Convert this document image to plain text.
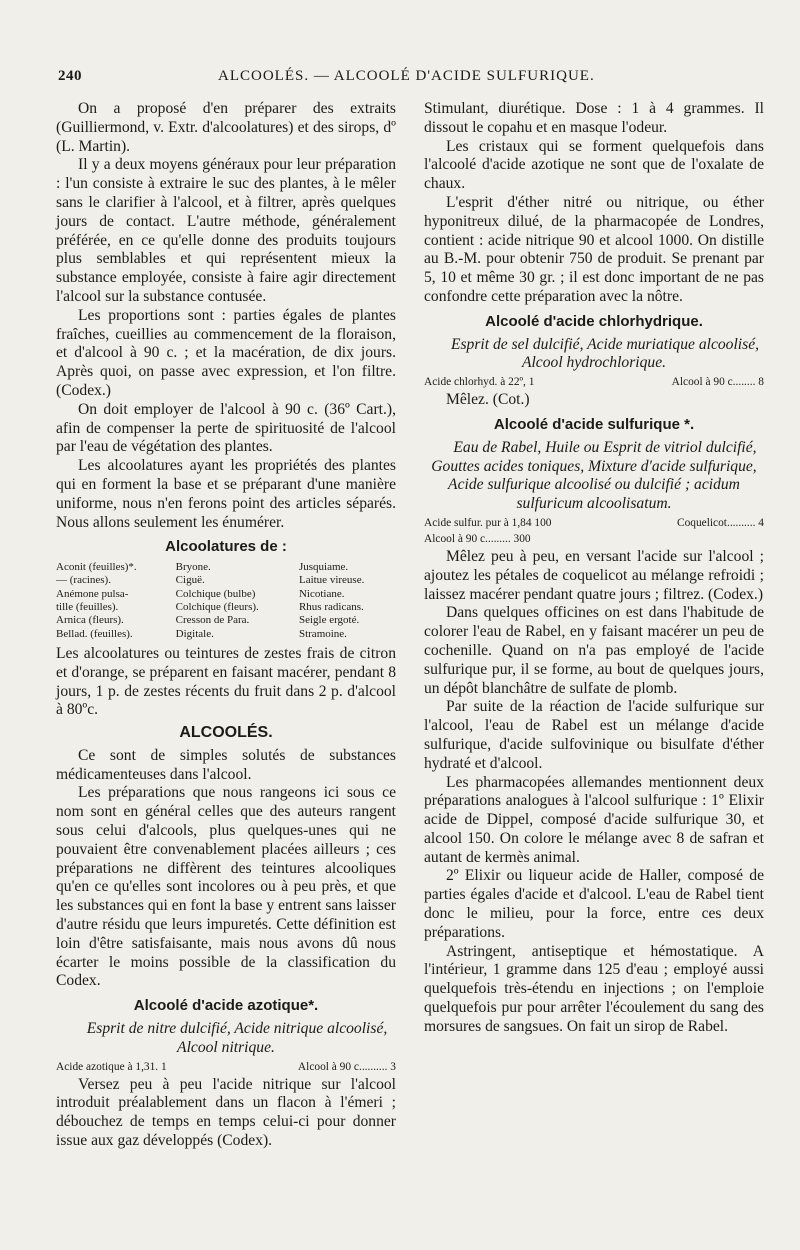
240	ALCOOLÉS. — ALCOOLÉ D'ACIDE SULFURIQUE.

On a proposé d'en préparer des extraits (Guilliermond, v. Extr. d'alcoolatures) et des sirops, dº (L. Martin).

Il y a deux moyens généraux pour leur préparation : l'un consiste à extraire le suc des plantes, à le mêler sans le clarifier à l'alcool, et à filtrer, après quelques jours de contact. L'autre méthode, généralement préférée, en ce qu'elle donne des produits toujours plus semblables et qui représentent mieux la substance employée, consiste à faire agir directement l'alcool sur la substance contusée.

Les proportions sont : parties égales de plantes fraîches, cueillies au commencement de la floraison, et d'alcool à 90 c. ; et la macération, de dix jours. Après quoi, on passe avec expression, et l'on filtre. (Codex.)

On doit employer de l'alcool à 90 c. (36º Cart.), afin de compenser la perte de spirituosité de l'alcool par l'eau de végétation des plantes.

Les alcoolatures ayant les propriétés des plantes qui en forment la base et se préparant d'une manière uniforme, nous n'en ferons point des articles séparés. Nous allons seulement les énumérer.

Alcoolatures de :
Aconit (feuilles)*.	Bryone.	Jusquiame.
— (racines).	Ciguë.	Laitue vireuse.
Anémone pulsa-	Colchique (bulbe)	Nicotiane.
tille (feuilles).	Colchique (fleurs).	Rhus radicans.
Arnica (fleurs).	Cresson de Para.	Seigle ergoté.
Bellad. (feuilles).	Digitale.	Stramoine.

Les alcoolatures ou teintures de zestes frais de citron et d'orange, se préparent en faisant macérer, pendant 8 jours, 1 p. de zestes récents du fruit dans 2 p. d'alcool à 80ºc.

ALCOOLÉS.

Ce sont de simples solutés de substances médicamenteuses dans l'alcool.

Les préparations que nous rangeons ici sous ce nom sont en général celles que des auteurs rangent sous celui d'alcools, plus quelques-unes qui ne pouvaient être convenablement placées ailleurs ; ces préparations ne diffèrent des teintures alcooliques qu'en ce qu'elles sont incolores ou à peu près, et que les substances qui en font la base y entrent sans laisser d'autre résidu que leurs impuretés. Cette définition est loin d'être satisfaisante, mais nous avons dû nous écarter le moins possible de la classification du Codex.

Alcoolé d'acide azotique*.

Esprit de nitre dulcifié, Acide nitrique alcoolisé, Alcool nitrique.

Acide azotique à 1,31. 1	Alcool à 90 c.......... 3

Versez peu à peu l'acide nitrique sur l'alcool introduit préalablement dans un flacon à l'émeri ; débouchez de temps en temps celui-ci pour donner issue aux gaz développés (Codex).

Stimulant, diurétique. Dose : 1 à 4 grammes. Il dissout le copahu et en masque l'odeur.

Les cristaux qui se forment quelquefois dans l'alcoolé d'acide azotique ne sont que de l'oxalate de chaux.

L'esprit d'éther nitré ou nitrique, ou éther hyponitreux dilué, de la pharmacopée de Londres, contient : acide nitrique 90 et alcool 1000. On distille au B.-M. pour obtenir 750 de produit. Se prenant par 5, 10 et même 30 gr. ; il est donc important de ne pas confondre cette préparation avec la nôtre.

Alcoolé d'acide chlorhydrique.

Esprit de sel dulcifié, Acide muriatique alcoolisé, Alcool hydrochlorique.

Acide chlorhyd. à 22º, 1	Alcool à 90 c........ 8

Mêlez. (Cot.)

Alcoolé d'acide sulfurique *.

Eau de Rabel, Huile ou Esprit de vitriol dulcifié, Gouttes acides toniques, Mixture d'acide sulfurique, Acide sulfurique alcoolisé ou dulcifié ; acidum sulfuricum alcoolisatum.

Acide sulfur. pur à 1,84 100	Coquelicot.......... 4
Alcool à 90 c......... 300

Mêlez peu à peu, en versant l'acide sur l'alcool ; ajoutez les pétales de coquelicot au mélange refroidi ; laissez macérer pendant quatre jours ; filtrez. (Codex.)

Dans quelques officines on est dans l'habitude de colorer l'eau de Rabel, en y faisant macérer un peu de cochenille. Quand on n'a pas employé de l'acide sulfurique pur, il se forme, au bout de quelques jours, un dépôt blanchâtre de sulfate de plomb.

Par suite de la réaction de l'acide sulfurique sur l'alcool, l'eau de Rabel est un mélange d'acide sulfurique, d'acide sulfovinique ou bisulfate d'éther hydraté et d'alcool.

Les pharmacopées allemandes mentionnent deux préparations analogues à l'alcool sulfurique : 1º Elixir acide de Dippel, composé d'acide sulfurique 30, et alcool 150. On colore le mélange avec 8 de safran et autant de kermès animal.

2º Elixir ou liqueur acide de Haller, composé de parties égales d'acide et d'alcool. L'eau de Rabel tient donc le milieu, pour la force, entre ces deux préparations.

Astringent, antiseptique et hémostatique. A l'intérieur, 1 gramme dans 125 d'eau ; employé aussi quelquefois très-étendu en injections ; on l'emploie quelquefois pur pour arrêter l'écoulement du sang des morsures de sangsues. On fait un sirop de Rabel.
